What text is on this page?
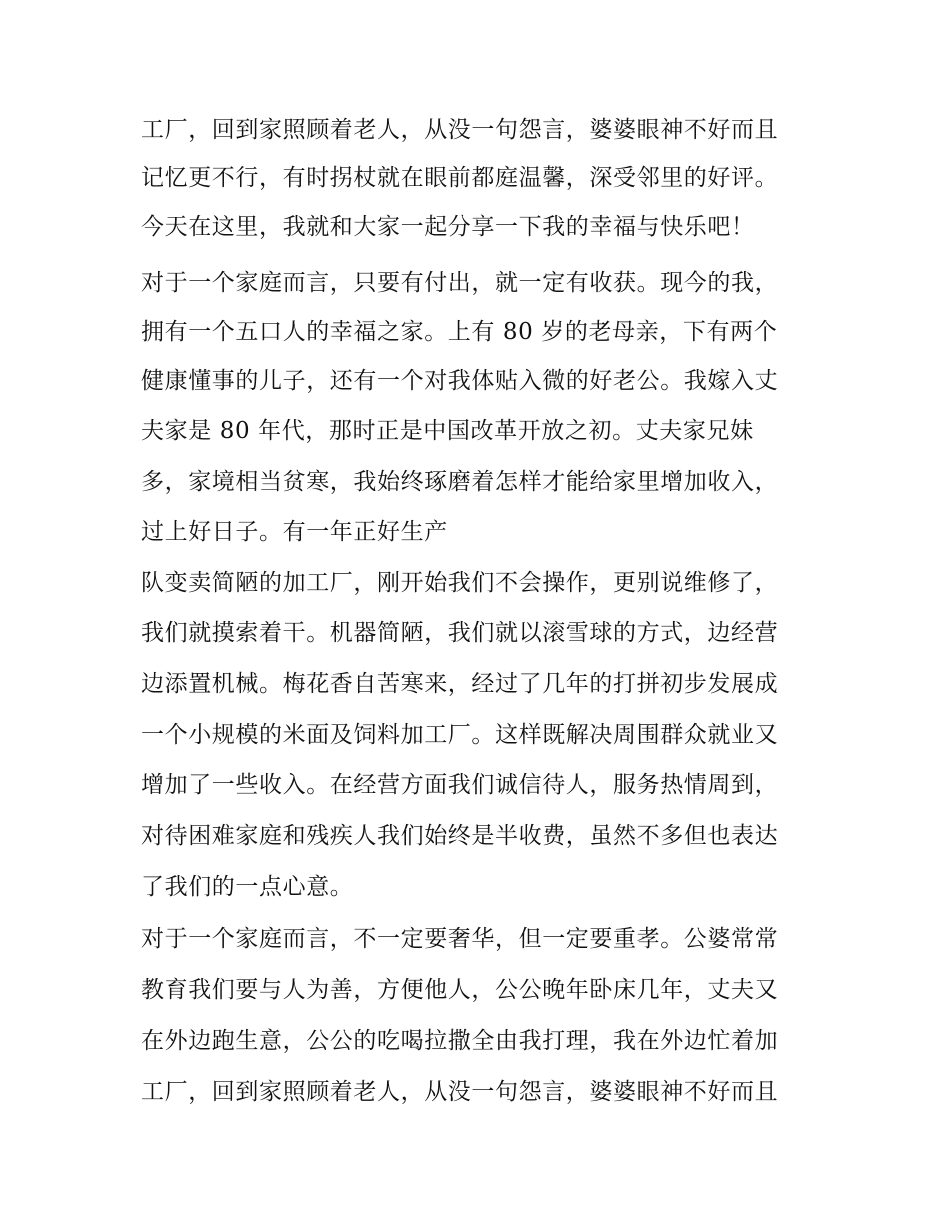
工厂，回到家照顾着老人，从没一句怨言，婆婆眼神不好而且
记忆更不行，有时拐杖就在眼前都庭温馨，深受邻里的好评。
今天在这里，我就和大家一起分享一下我的幸福与快乐吧！
对于一个家庭而言，只要有付出，就一定有收获。现今的我，
拥有一个五口人的幸福之家。上有 80 岁的老母亲，下有两个
健康懂事的儿子，还有一个对我体贴入微的好老公。我嫁入丈
夫家是 80 年代，那时正是中国改革开放之初。丈夫家兄妹
多，家境相当贫寒，我始终琢磨着怎样才能给家里增加收入，
过上好日子。有一年正好生产
队变卖简陋的加工厂，刚开始我们不会操作，更别说维修了，
我们就摸索着干。机器简陋，我们就以滚雪球的方式，边经营
边添置机械。梅花香自苦寒来，经过了几年的打拼初步发展成
一个小规模的米面及饲料加工厂。这样既解决周围群众就业又
增加了一些收入。在经营方面我们诚信待人，服务热情周到，
对待困难家庭和残疾人我们始终是半收费，虽然不多但也表达
了我们的一点心意。
对于一个家庭而言，不一定要奢华，但一定要重孝。公婆常常
教育我们要与人为善，方便他人，公公晚年卧床几年，丈夫又
在外边跑生意，公公的吃喝拉撒全由我打理，我在外边忙着加
工厂，回到家照顾着老人，从没一句怨言，婆婆眼神不好而且
